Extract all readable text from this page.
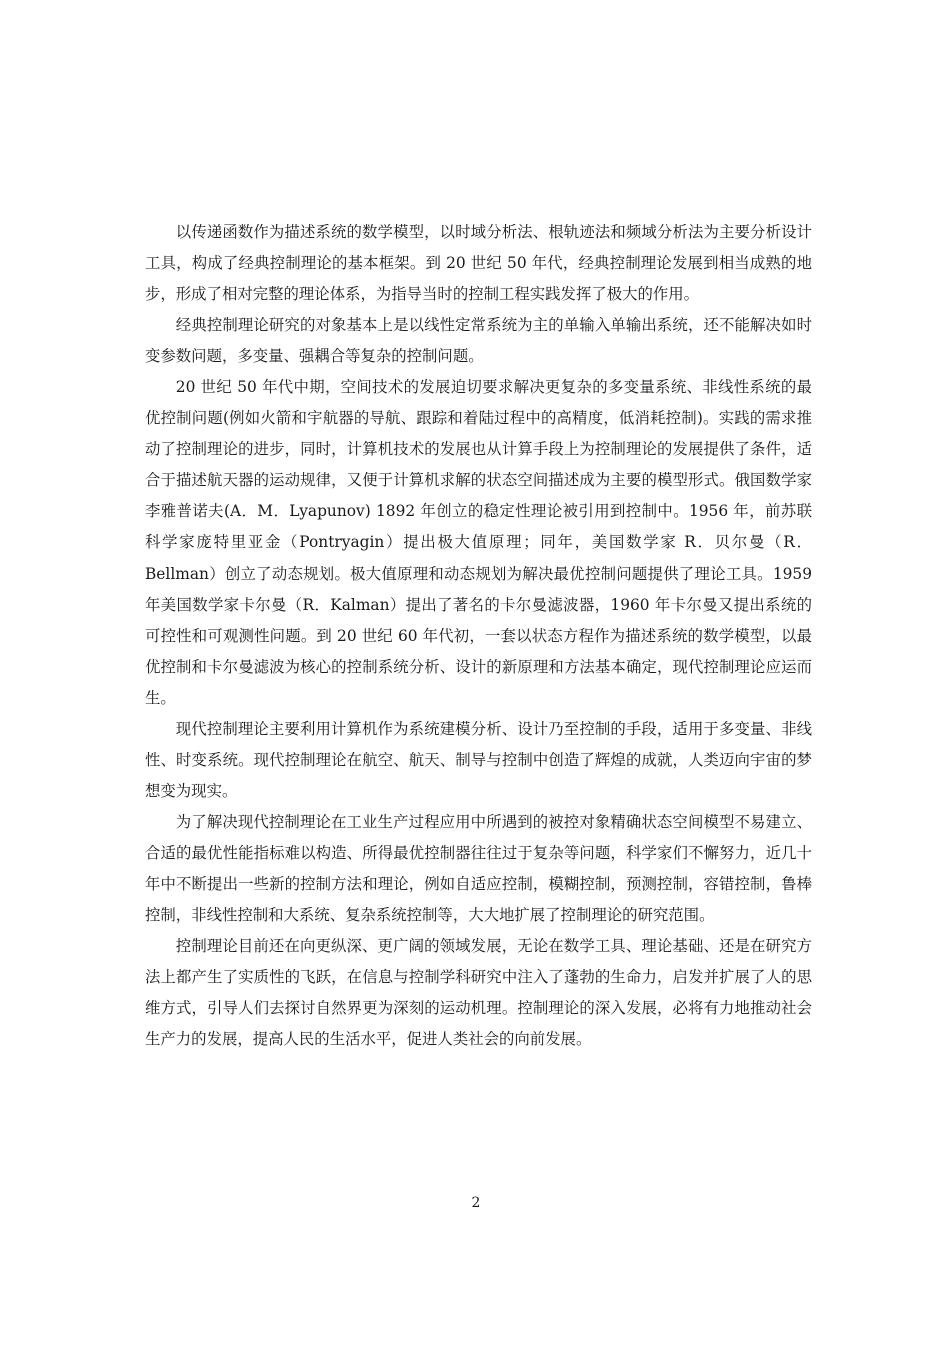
以传递函数作为描述系统的数学模型，以时域分析法、根轨迹法和频域分析法为主要分析设计工具，构成了经典控制理论的基本框架。到 20 世纪 50 年代，经典控制理论发展到相当成熟的地步，形成了相对完整的理论体系，为指导当时的控制工程实践发挥了极大的作用。

经典控制理论研究的对象基本上是以线性定常系统为主的单输入单输出系统，还不能解决如时变参数问题，多变量、强耦合等复杂的控制问题。

20 世纪 50 年代中期，空间技术的发展迫切要求解决更复杂的多变量系统、非线性系统的最优控制问题(例如火箭和宇航器的导航、跟踪和着陆过程中的高精度，低消耗控制)。实践的需求推动了控制理论的进步，同时，计算机技术的发展也从计算手段上为控制理论的发展提供了条件，适合于描述航天器的运动规律，又便于计算机求解的状态空间描述成为主要的模型形式。俄国数学家李雅普诺夫(A．M．Lyapunov) 1892 年创立的稳定性理论被引用到控制中。1956 年，前苏联科学家庞特里亚金（Pontryagin）提出极大值原理；同年，美国数学家 R．贝尔曼（R．Bellman）创立了动态规划。极大值原理和动态规划为解决最优控制问题提供了理论工具。1959 年美国数学家卡尔曼（R．Kalman）提出了著名的卡尔曼滤波器，1960 年卡尔曼又提出系统的可控性和可观测性问题。到 20 世纪 60 年代初，一套以状态方程作为描述系统的数学模型，以最优控制和卡尔曼滤波为核心的控制系统分析、设计的新原理和方法基本确定，现代控制理论应运而生。

现代控制理论主要利用计算机作为系统建模分析、设计乃至控制的手段，适用于多变量、非线性、时变系统。现代控制理论在航空、航天、制导与控制中创造了辉煌的成就，人类迈向宇宙的梦想变为现实。

为了解决现代控制理论在工业生产过程应用中所遇到的被控对象精确状态空间模型不易建立、合适的最优性能指标难以构造、所得最优控制器往往过于复杂等问题，科学家们不懈努力，近几十年中不断提出一些新的控制方法和理论，例如自适应控制，模糊控制，预测控制，容错控制，鲁棒控制，非线性控制和大系统、复杂系统控制等，大大地扩展了控制理论的研究范围。

控制理论目前还在向更纵深、更广阔的领域发展，无论在数学工具、理论基础、还是在研究方法上都产生了实质性的飞跃，在信息与控制学科研究中注入了蓬勃的生命力，启发并扩展了人的思维方式，引导人们去探讨自然界更为深刻的运动机理。控制理论的深入发展，必将有力地推动社会生产力的发展，提高人民的生活水平，促进人类社会的向前发展。

2
